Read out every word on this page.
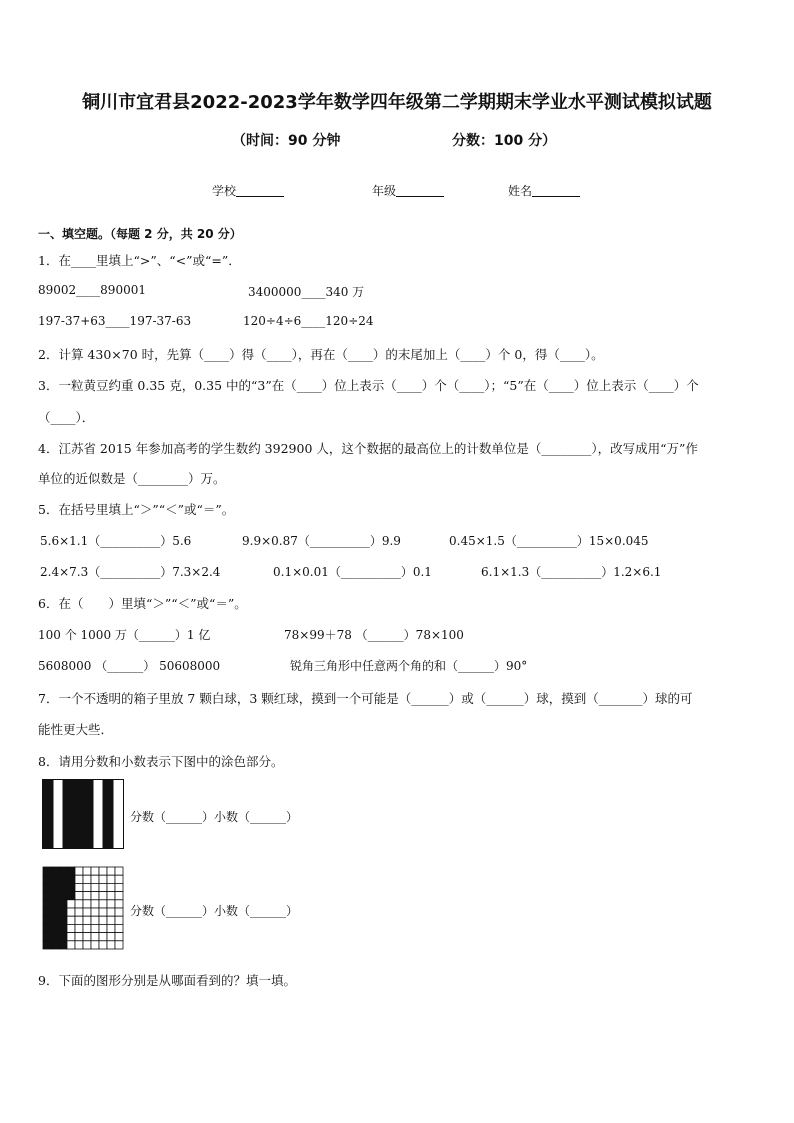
铜川市宜君县2022-2023学年数学四年级第二学期期末学业水平测试模拟试题
（时间：90 分钟	分数：100 分）
学校	年级	姓名
一、填空题。（每题 2 分，共 20 分）
1．在____里填上“>”、“<”或“=”．
89002____890001	3400000____340 万
197-37+63____197-37-63	120÷4÷6____120÷24
2．计算 430×70 时，先算（____）得（____），再在（____）的末尾加上（____）个 0，得（____）。
3．一粒黄豆约重 0.35 克，0.35 中的“3”在（____）位上表示（____）个（____）；“5”在（____）位上表示（____）个
（____）．
4．江苏省 2015 年参加高考的学生数约 392900 人，这个数据的最高位上的计数单位是（________），改写成用“万”作
单位的近似数是（________）万。
5．在括号里填上“＞”“＜”或“＝”。
5.6×1.1（__________）5.6	9.9×0.87（__________）9.9	0.45×1.5（__________）15×0.045
2.4×7.3（__________）7.3×2.4	0.1×0.01（__________）0.1	6.1×1.3（__________）1.2×6.1
6．在（　　）里填“＞”“＜”或“＝”。
100 个 1000 万（______）1 亿	78×99＋78 （______）78×100
5608000 （______） 50608000	锐角三角形中任意两个角的和（______）90°
7．一个不透明的箱子里放 7 颗白球，3 颗红球，摸到一个可能是（______）或（______）球，摸到（_______）球的可
能性更大些．
8．请用分数和小数表示下图中的涂色部分。
分数（______）小数（______）
分数（______）小数（______）
9．下面的图形分别是从哪面看到的？填一填。
